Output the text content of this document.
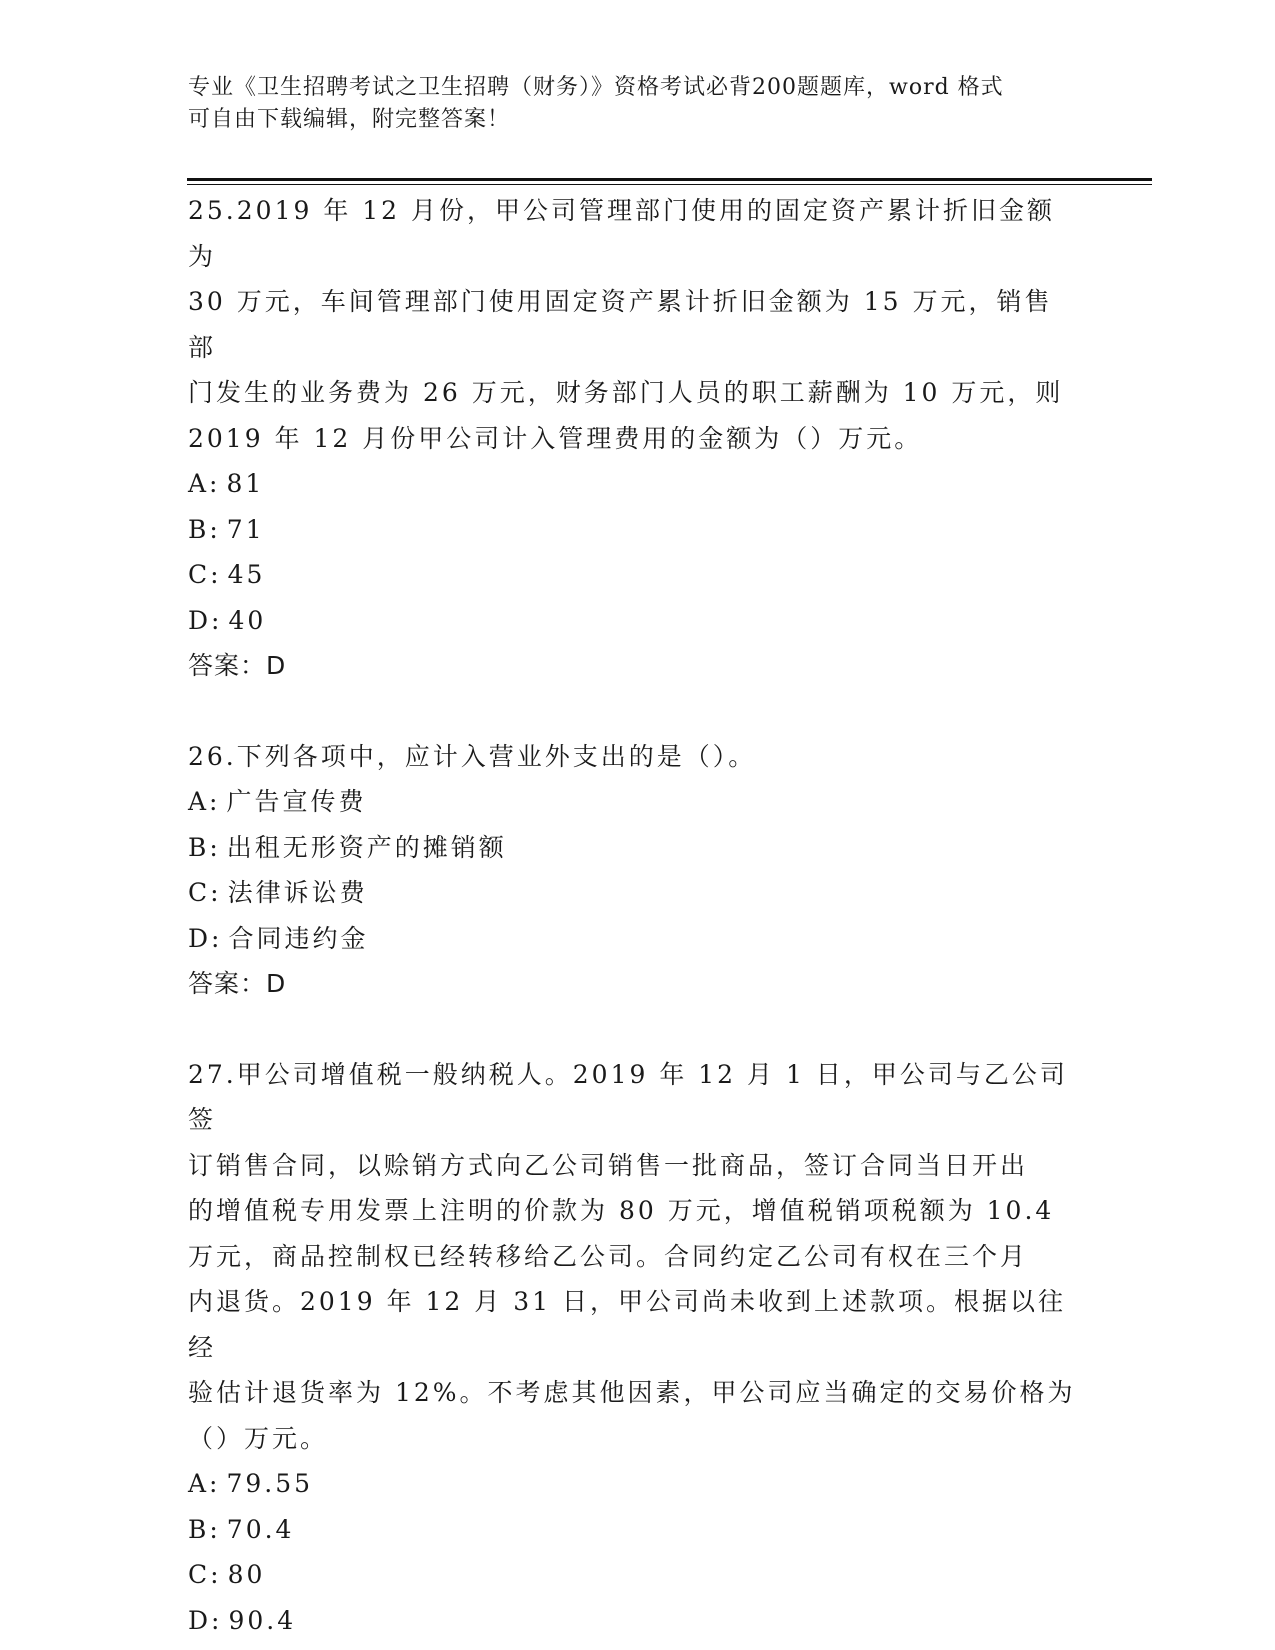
专业《卫生招聘考试之卫生招聘（财务）》资格考试必背200题题库，word 格式
可自由下载编辑，附完整答案！
25.2019 年 12 月份，甲公司管理部门使用的固定资产累计折旧金额为
30 万元，车间管理部门使用固定资产累计折旧金额为 15 万元，销售部
门发生的业务费为 26 万元，财务部门人员的职工薪酬为 10 万元，则
2019 年 12 月份甲公司计入管理费用的金额为（）万元。
A: 81
B: 71
C: 45
D: 40
答案：D
26.下列各项中，应计入营业外支出的是（）。
A: 广告宣传费
B: 出租无形资产的摊销额
C: 法律诉讼费
D: 合同违约金
答案：D
27.甲公司增值税一般纳税人。2019 年 12 月 1 日，甲公司与乙公司签
订销售合同，以赊销方式向乙公司销售一批商品，签订合同当日开出
的增值税专用发票上注明的价款为 80 万元，增值税销项税额为 10.4
万元，商品控制权已经转移给乙公司。合同约定乙公司有权在三个月
内退货。2019 年 12 月 31 日，甲公司尚未收到上述款项。根据以往经
验估计退货率为 12%。不考虑其他因素，甲公司应当确定的交易价格为
（）万元。
A: 79.55
B: 70.4
C: 80
D: 90.4
